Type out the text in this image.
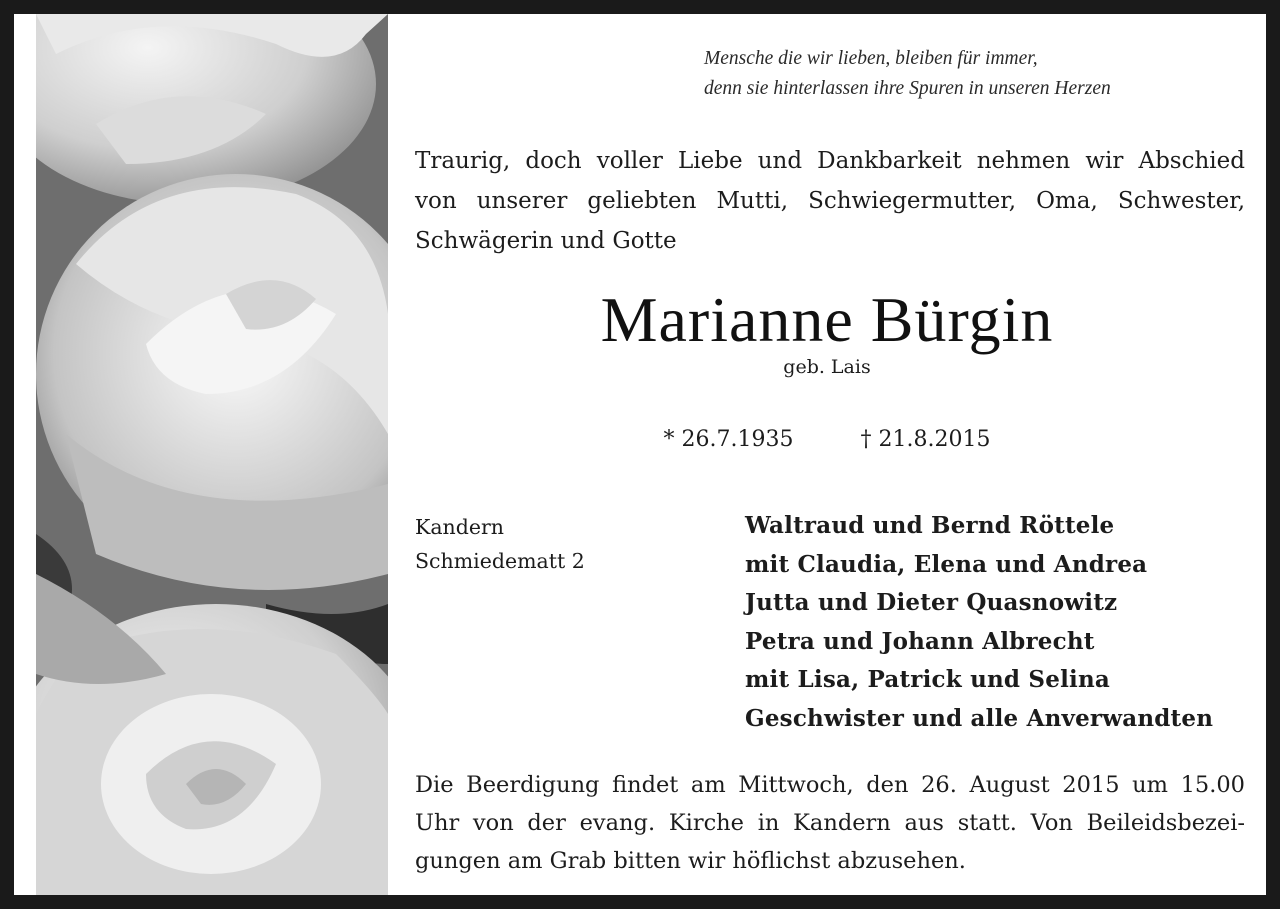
Mensche die wir lieben, bleiben für immer,
denn sie hinterlassen ihre Spuren in unseren Herzen
Traurig, doch voller Liebe und Dankbarkeit nehmen wir Abschied
von unserer geliebten Mutti, Schwiegermutter, Oma, Schwester,
Schwägerin und Gotte
Marianne Bürgin
geb. Lais
* 26.7.1935	† 21.8.2015
Kandern
Schmiedematt 2
Waltraud und Bernd Röttele
mit Claudia, Elena und Andrea
Jutta und Dieter Quasnowitz
Petra und Johann Albrecht
mit Lisa, Patrick und Selina
Geschwister und alle Anverwandten
Die Beerdigung findet am Mittwoch, den 26. August 2015 um 15.00
Uhr von der evang. Kirche in Kandern aus statt. Von Beileidsbezei-
gungen am Grab bitten wir höflichst abzusehen.
